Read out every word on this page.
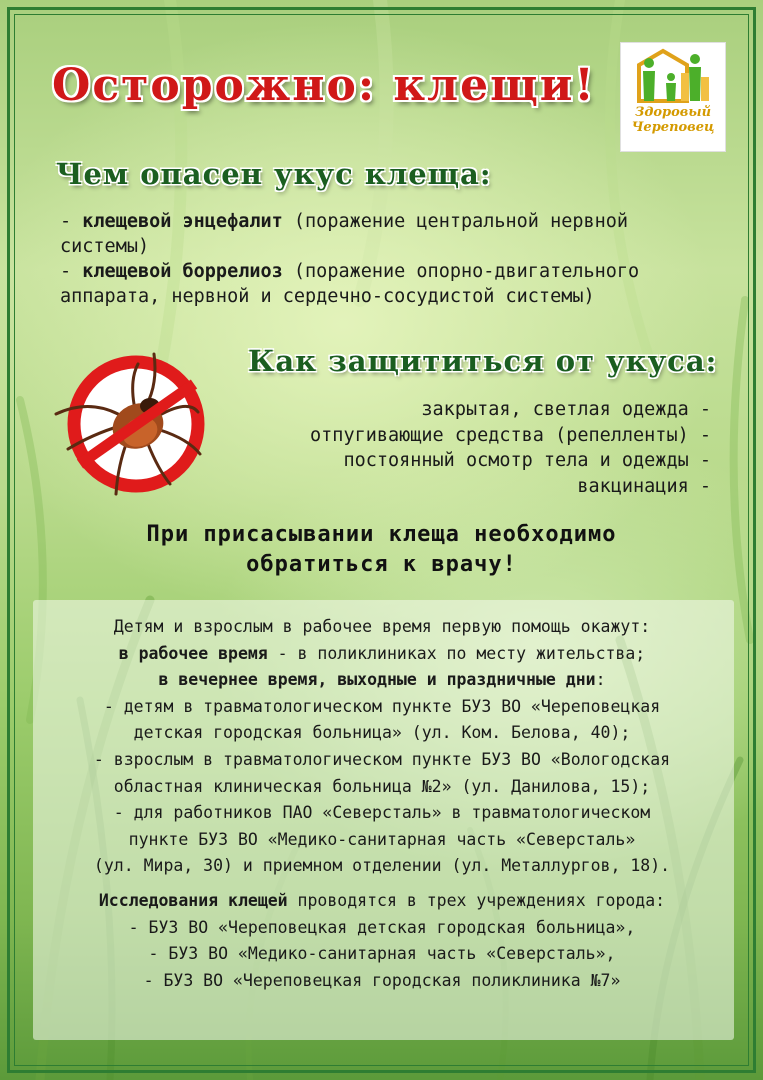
Осторожно: клещи!
Здоровый
Череповец
Чем опасен укус клеща:

- клещевой энцефалит (поражение центральной нервной системы)

- клещевой боррелиоз (поражение опорно-двигательного аппарата, нервной и сердечно-сосудистой системы)

Как защититься от укуса:

закрытая, светлая одежда -

отпугивающие средства (репелленты) -

постоянный осмотр тела и одежды -

вакцинация -

При присасывании клеща необходимо

обратиться к врачу!

Детям и взрослым в рабочее время первую помощь окажут:

в рабочее время - в поликлиниках по месту жительства;

в вечернее время, выходные и праздничные дни:

- детям в травматологическом пункте БУЗ ВО «Череповецкая

детская городская больница» (ул. Ком. Белова, 40);

- взрослым в травматологическом пункте БУЗ ВО «Вологодская

областная клиническая больница №2» (ул. Данилова, 15);

- для работников ПАО «Северсталь» в травматологическом

пункте БУЗ ВО «Медико-санитарная часть «Северсталь»

(ул. Мира, 30) и приемном отделении (ул. Металлургов, 18).

Исследования клещей проводятся в трех учреждениях города:

- БУЗ ВО «Череповецкая детская городская больница»,

- БУЗ ВО «Медико-санитарная часть «Северсталь»,

- БУЗ ВО «Череповецкая городская поликлиника №7»
